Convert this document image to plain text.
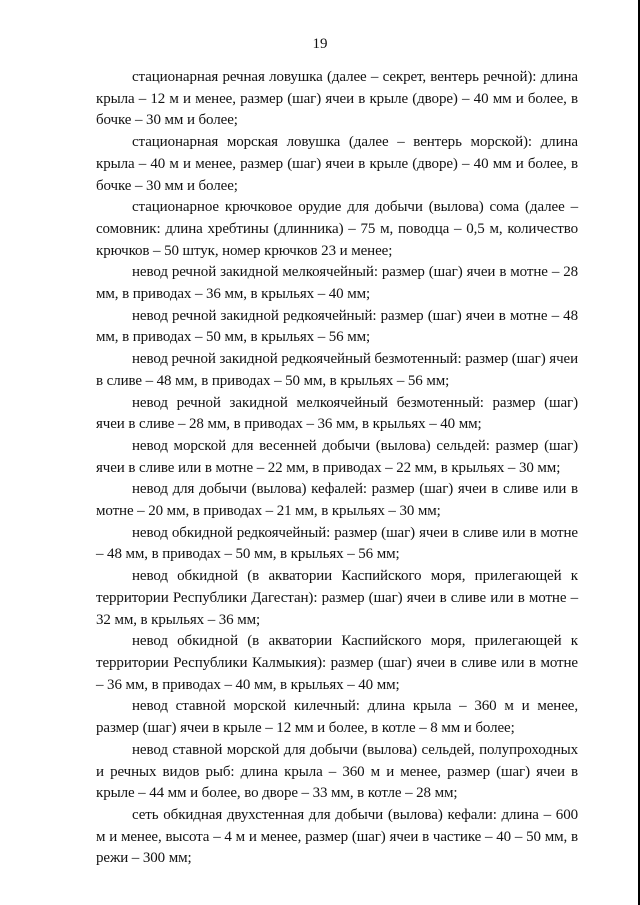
19

стационарная речная ловушка (далее – секрет, вентерь речной): длина крыла – 12 м и менее, размер (шаг) ячеи в крыле (дворе) – 40 мм и более, в бочке – 30 мм и более;

стационарная морская ловушка (далее – вентерь морской): длина крыла – 40 м и менее, размер (шаг) ячеи в крыле (дворе) – 40 мм и более, в бочке – 30 мм и более;

стационарное крючковое орудие для добычи (вылова) сома (далее – сомовник: длина хребтины (длинника) – 75 м, поводца – 0,5 м, количество крючков – 50 штук, номер крючков 23 и менее;

невод речной закидной мелкоячейный: размер (шаг) ячеи в мотне – 28 мм, в приводах – 36 мм, в крыльях – 40 мм;

невод речной закидной редкоячейный: размер (шаг) ячеи в мотне – 48 мм, в приводах – 50 мм, в крыльях – 56 мм;

невод речной закидной редкоячейный безмотенный: размер (шаг) ячеи в сливе – 48 мм, в приводах – 50 мм, в крыльях – 56 мм;

невод речной закидной мелкоячейный безмотенный: размер (шаг) ячеи в сливе – 28 мм, в приводах – 36 мм, в крыльях – 40 мм;

невод морской для весенней добычи (вылова) сельдей: размер (шаг) ячеи в сливе или в мотне – 22 мм, в приводах – 22 мм, в крыльях – 30 мм;

невод для добычи (вылова) кефалей: размер (шаг) ячеи в сливе или в мотне – 20 мм, в приводах – 21 мм, в крыльях – 30 мм;

невод обкидной редкоячейный: размер (шаг) ячеи в сливе или в мотне – 48 мм, в приводах – 50 мм, в крыльях – 56 мм;

невод обкидной (в акватории Каспийского моря, прилегающей к территории Республики Дагестан): размер (шаг) ячеи в сливе или в мотне – 32 мм, в крыльях – 36 мм;

невод обкидной (в акватории Каспийского моря, прилегающей к территории Республики Калмыкия): размер (шаг) ячеи в сливе или в мотне – 36 мм, в приводах – 40 мм, в крыльях – 40 мм;

невод ставной морской килечный: длина крыла – 360 м и менее, размер (шаг) ячеи в крыле – 12 мм и более, в котле – 8 мм и более;

невод ставной морской для добычи (вылова) сельдей, полупроходных и речных видов рыб: длина крыла – 360 м и менее, размер (шаг) ячеи в крыле – 44 мм и более, во дворе – 33 мм, в котле – 28 мм;

сеть обкидная двухстенная для добычи (вылова) кефали: длина – 600 м и менее, высота – 4 м и менее, размер (шаг) ячеи в частике – 40 – 50 мм, в режи – 300 мм;
